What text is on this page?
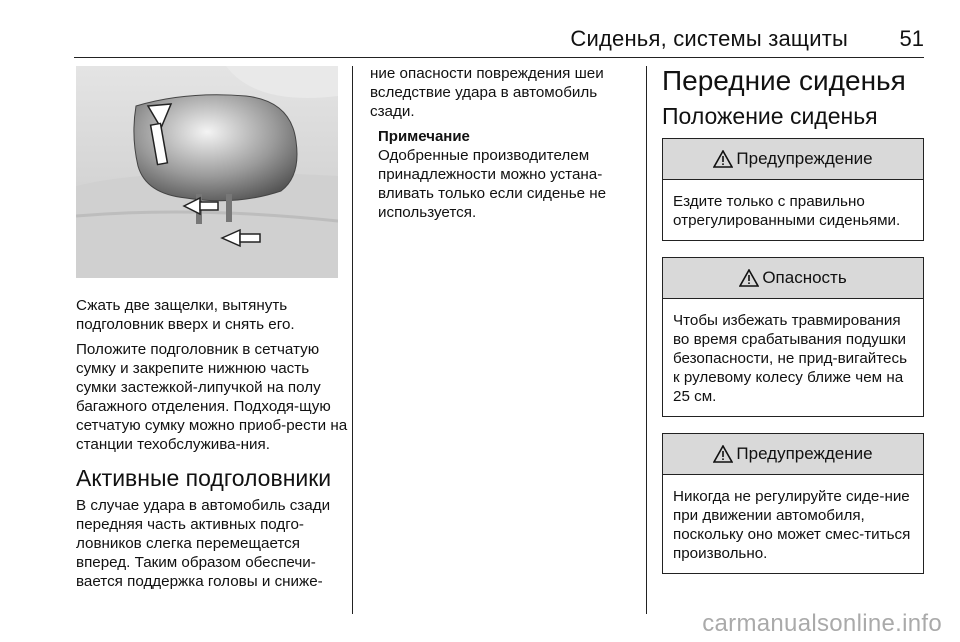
Сиденья, системы защиты 51

Сжать две защелки, вытянуть подголовник вверх и снять его.

Положите подголовник в сетчатую сумку и закрепите нижнюю часть сумки застежкой-липучкой на полу багажного отделения. Подходя-щую сетчатую сумку можно приоб-рести на станции техобслужива-ния.

Активные подголовники

В случае удара в автомобиль сзади передняя часть активных подго-ловников слегка перемещается вперед. Таким образом обеспечи-вается поддержка головы и сниже-

ние опасности повреждения шеи вследствие удара в автомобиль сзади.

Примечание
Одобренные производителем принадлежности можно устана-вливать только если сиденье не используется.
Передние сиденья
Положение сиденья
Предупреждение
Ездите только с правильно отрегулированными сиденьями.
Опасность
Чтобы избежать травмирования во время срабатывания подушки безопасности, не прид-вигайтесь к рулевому колесу ближе чем на 25 см.
Предупреждение
Никогда не регулируйте сиде-ние при движении автомобиля, поскольку оно может смес-титься произвольно.
carmanualsonline.info
